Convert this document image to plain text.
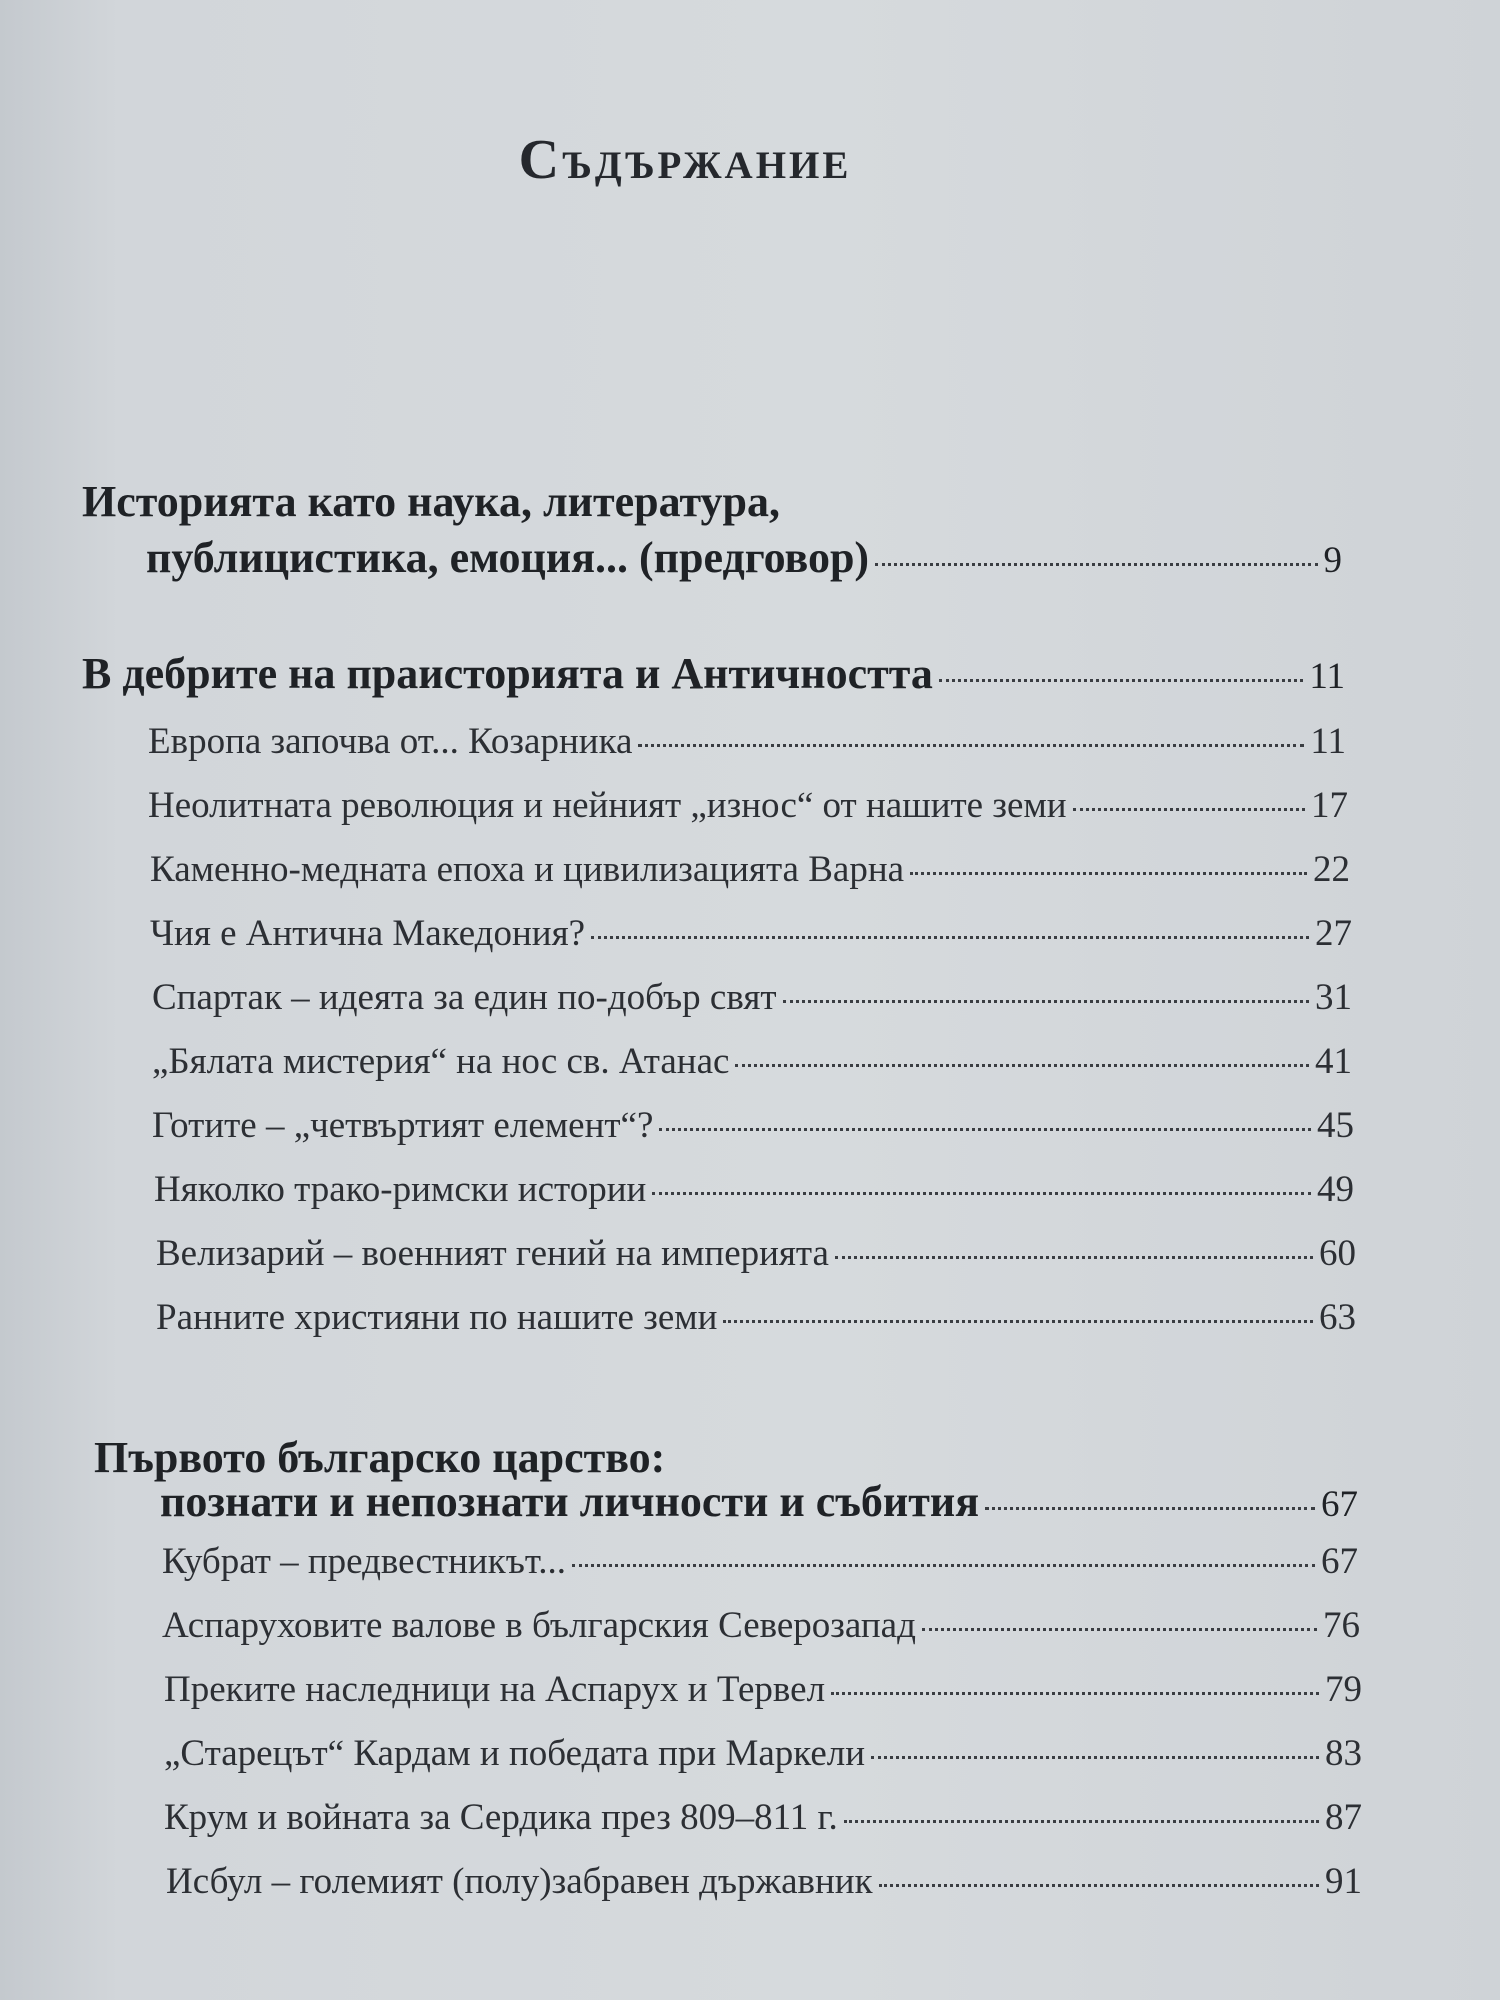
Съдържание
Историята като наука, литература,
публицистика, емоция... (предговор)	9
В дебрите на праисторията и Античността	11
Европа започва от... Козарника	11
Неолитната революция и нейният „износ“ от нашите земи	17
Каменно-медната епоха и цивилизацията Варна	22
Чия е Антична Македония?	27
Спартак – идеята за един по-добър свят	31
„Бялата мистерия“ на нос св. Атанас	41
Готите – „четвъртият елемент“?	45
Няколко трако-римски истории	49
Велизарий – военният гений на империята	60
Ранните християни по нашите земи	63
Първото българско царство:
познати и непознати личности и събития	67
Кубрат – предвестникът...	67
Аспаруховите валове в българския Северозапад	76
Преките наследници на Аспарух и Тервел	79
„Старецът“ Кардам и победата при Маркели	83
Крум и войната за Сердика през 809–811 г.	87
Исбул – големият (полу)забравен държавник	91
